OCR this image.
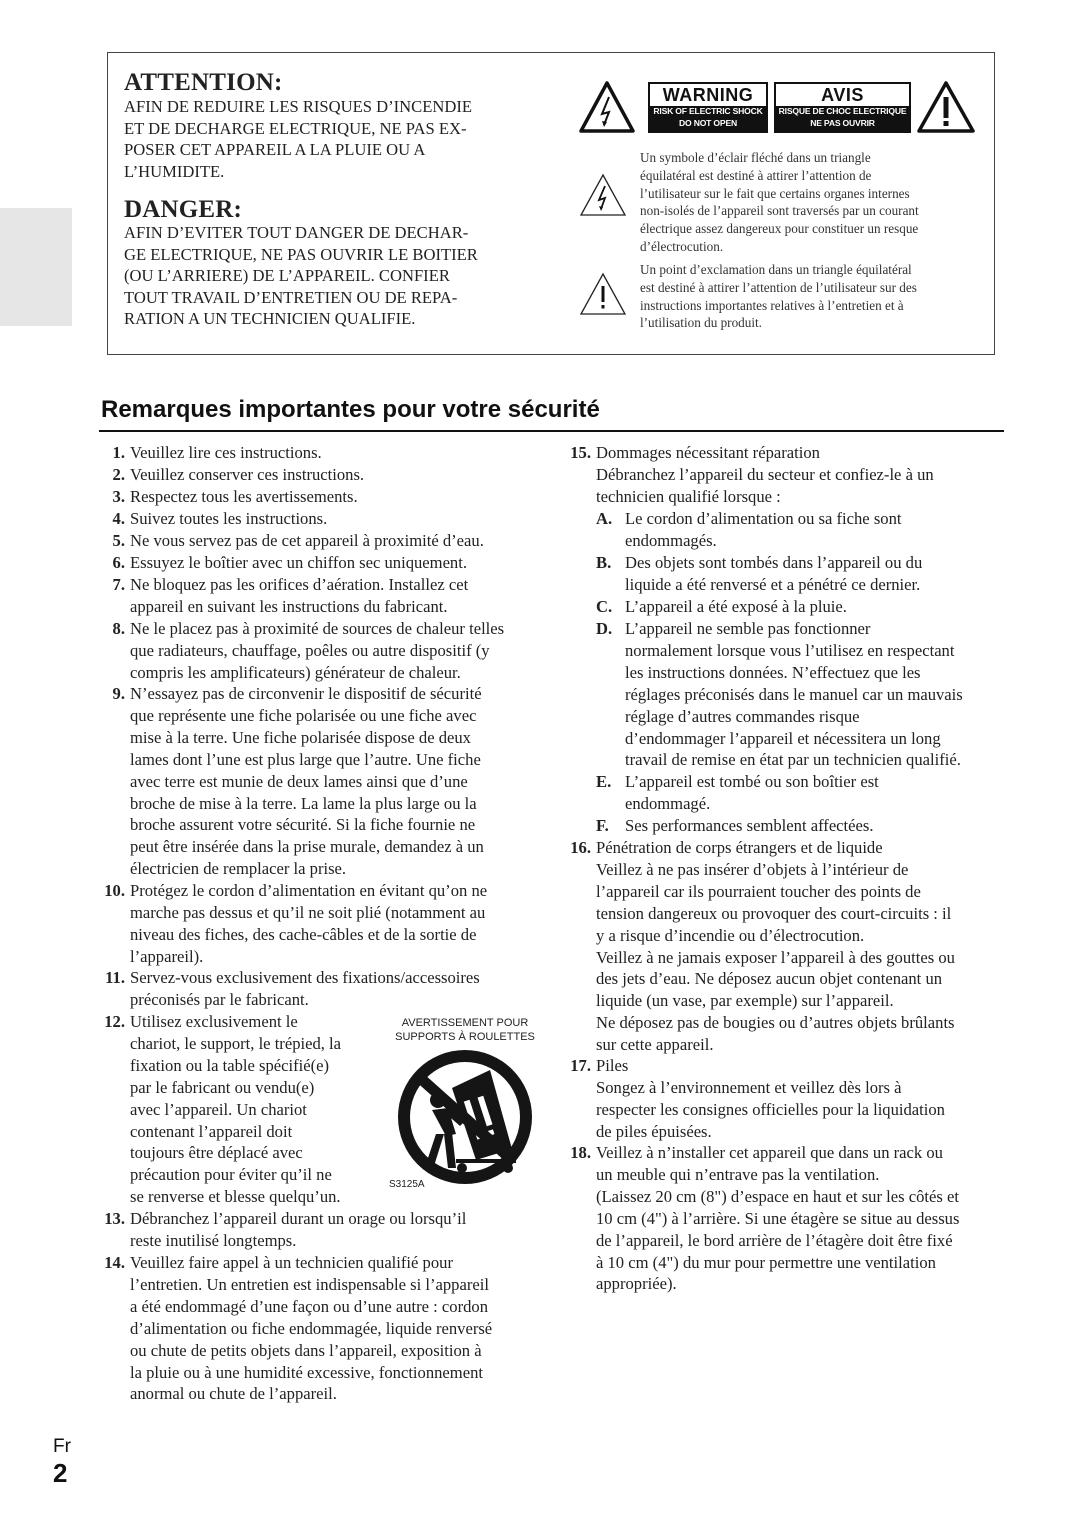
ATTENTION:
AFIN DE REDUIRE LES RISQUES D’INCENDIE
ET DE DECHARGE ELECTRIQUE, NE PAS EX-
POSER CET APPAREIL A LA PLUIE OU A
L’HUMIDITE.
DANGER:
AFIN D’EVITER TOUT DANGER DE DECHAR-
GE ELECTRIQUE, NE PAS OUVRIR LE BOITIER
(OU L’ARRIERE) DE L’APPAREIL. CONFIER
TOUT TRAVAIL D’ENTRETIEN OU DE REPA-
RATION A UN TECHNICIEN QUALIFIE.
WARNING
RISK OF ELECTRIC SHOCK
DO NOT OPEN
AVIS
RISQUE DE CHOC ELECTRIQUE
NE PAS OUVRIR
Un symbole d’éclair fléché dans un triangle
équilatéral est destiné à attirer l’attention de
l’utilisateur sur le fait que certains organes internes
non-isolés de l’appareil sont traversés par un courant
électrique assez dangereux pour constituer un resque
d’électrocution.
Un point d’exclamation dans un triangle équilatéral
est destiné à attirer l’attention de l’utilisateur sur des
instructions importantes relatives à l’entretien et à
l’utilisation du produit.
Remarques importantes pour votre sécurité
1. Veuillez lire ces instructions.
2. Veuillez conserver ces instructions.
3. Respectez tous les avertissements.
4. Suivez toutes les instructions.
5. Ne vous servez pas de cet appareil à proximité d’eau.
6. Essuyez le boîtier avec un chiffon sec uniquement.
7. Ne bloquez pas les orifices d’aération. Installez cet
appareil en suivant les instructions du fabricant.
8. Ne le placez pas à proximité de sources de chaleur telles
que radiateurs, chauffage, poêles ou autre dispositif (y
compris les amplificateurs) générateur de chaleur.
9. N’essayez pas de circonvenir le dispositif de sécurité
que représente une fiche polarisée ou une fiche avec
mise à la terre. Une fiche polarisée dispose de deux
lames dont l’une est plus large que l’autre. Une fiche
avec terre est munie de deux lames ainsi que d’une
broche de mise à la terre. La lame la plus large ou la
broche assurent votre sécurité. Si la fiche fournie ne
peut être insérée dans la prise murale, demandez à un
électricien de remplacer la prise.
10. Protégez le cordon d’alimentation en évitant qu’on ne
marche pas dessus et qu’il ne soit plié (notamment au
niveau des fiches, des cache-câbles et de la sortie de
l’appareil).
11. Servez-vous exclusivement des fixations/accessoires
préconisés par le fabricant.
12. Utilisez exclusivement le
chariot, le support, le trépied, la
fixation ou la table spécifié(e)
par le fabricant ou vendu(e)
avec l’appareil. Un chariot
contenant l’appareil doit
toujours être déplacé avec
précaution pour éviter qu’il ne
se renverse et blesse quelqu’un.
AVERTISSEMENT POUR
SUPPORTS À ROULETTES
S3125A
13. Débranchez l’appareil durant un orage ou lorsqu’il
reste inutilisé longtemps.
14. Veuillez faire appel à un technicien qualifié pour
l’entretien. Un entretien est indispensable si l’appareil
a été endommagé d’une façon ou d’une autre : cordon
d’alimentation ou fiche endommagée, liquide renversé
ou chute de petits objets dans l’appareil, exposition à
la pluie ou à une humidité excessive, fonctionnement
anormal ou chute de l’appareil.
15. Dommages nécessitant réparation
Débranchez l’appareil du secteur et confiez-le à un
technicien qualifié lorsque :
A. Le cordon d’alimentation ou sa fiche sont
endommagés.
B. Des objets sont tombés dans l’appareil ou du
liquide a été renversé et a pénétré ce dernier.
C. L’appareil a été exposé à la pluie.
D. L’appareil ne semble pas fonctionner
normalement lorsque vous l’utilisez en respectant
les instructions données. N’effectuez que les
réglages préconisés dans le manuel car un mauvais
réglage d’autres commandes risque
d’endommager l’appareil et nécessitera un long
travail de remise en état par un technicien qualifié.
E. L’appareil est tombé ou son boîtier est
endommagé.
F. Ses performances semblent affectées.
16. Pénétration de corps étrangers et de liquide
Veillez à ne pas insérer d’objets à l’intérieur de
l’appareil car ils pourraient toucher des points de
tension dangereux ou provoquer des court-circuits : il
y a risque d’incendie ou d’électrocution.
Veillez à ne jamais exposer l’appareil à des gouttes ou
des jets d’eau. Ne déposez aucun objet contenant un
liquide (un vase, par exemple) sur l’appareil.
Ne déposez pas de bougies ou d’autres objets brûlants
sur cette appareil.
17. Piles
Songez à l’environnement et veillez dès lors à
respecter les consignes officielles pour la liquidation
de piles épuisées.
18. Veillez à n’installer cet appareil que dans un rack ou
un meuble qui n’entrave pas la ventilation.
(Laissez 20 cm (8") d’espace en haut et sur les côtés et
10 cm (4") à l’arrière. Si une étagère se situe au dessus
de l’appareil, le bord arrière de l’étagère doit être fixé
à 10 cm (4") du mur pour permettre une ventilation
appropriée).
Fr
2
